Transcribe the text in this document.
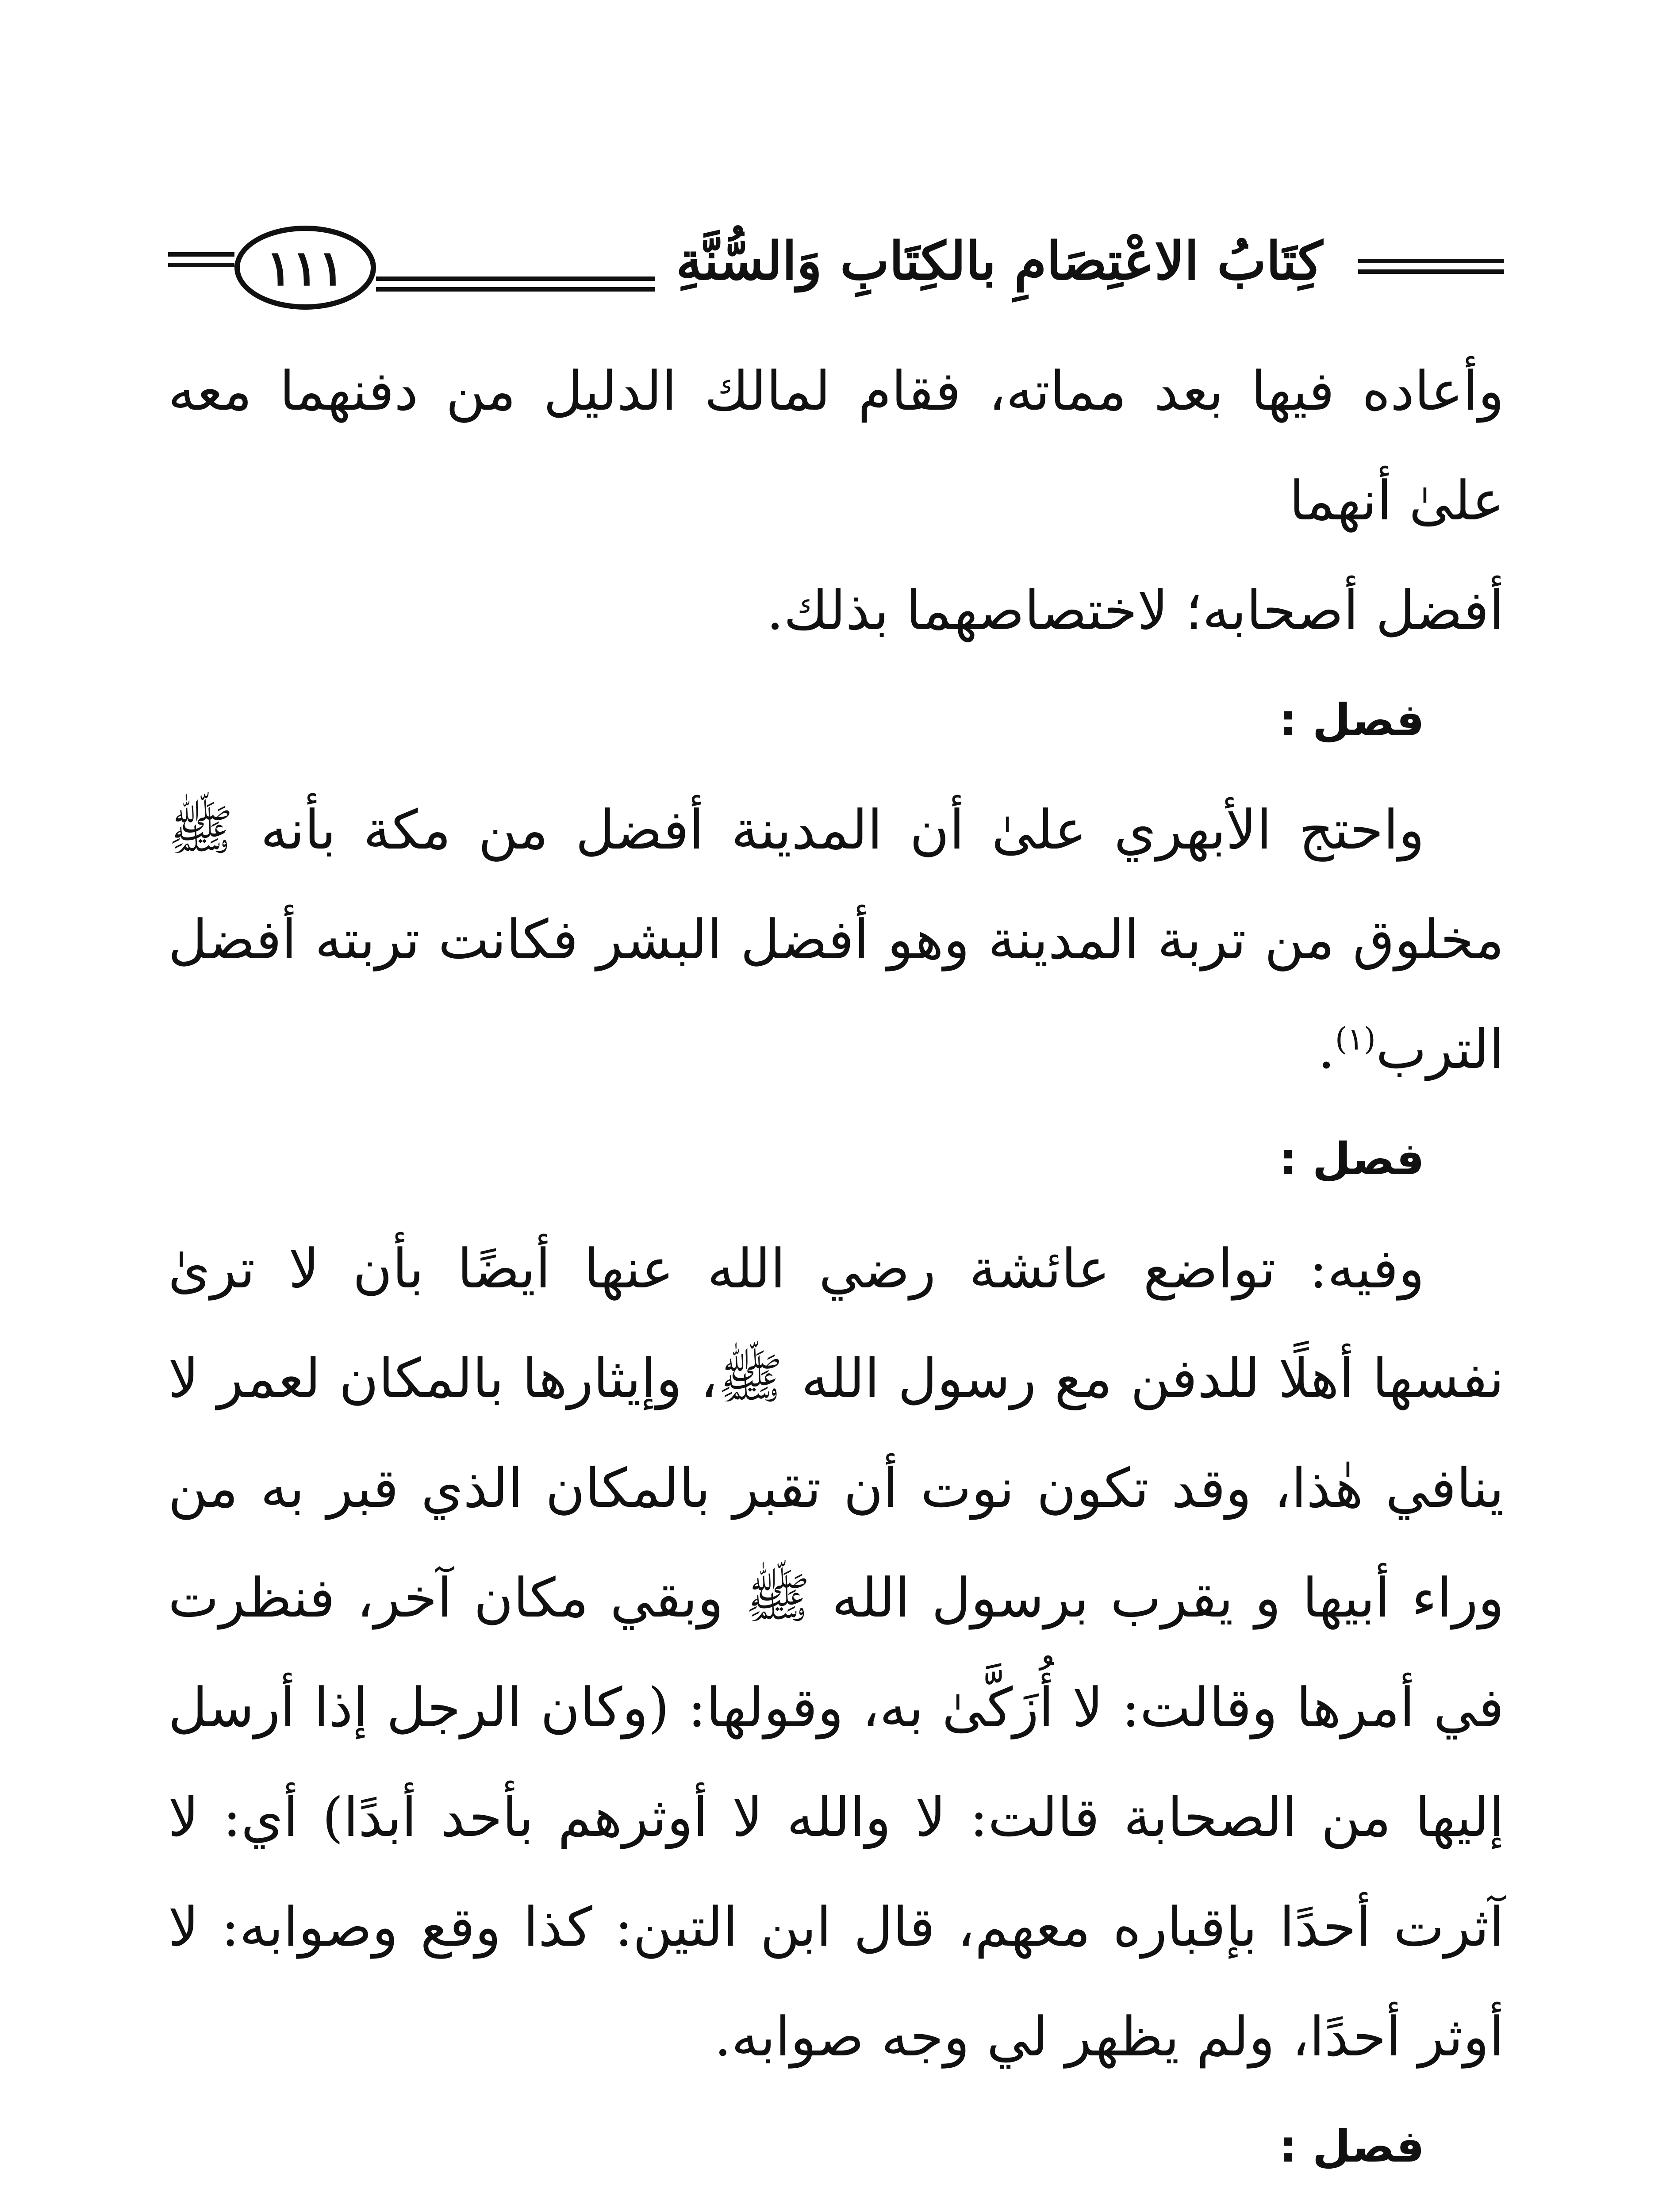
كِتَابُ الاعْتِصَامِ بالكِتَابِ وَالسُّنَّةِ
١١١

وأعاده فيها بعد مماته، فقام لمالك الدليل من دفنهما معه علىٰ أنهما

أفضل أصحابه؛ لاختصاصهما بذلك.

فصل :

واحتج الأبهري علىٰ أن المدينة أفضل من مكة بأنه ﷺ مخلوق من تربة المدينة وهو أفضل البشر فكانت تربته أفضل الترب$^{(١)}$.

فصل :

وفيه: تواضع عائشة رضي الله عنها أيضًا بأن لا ترىٰ نفسها أهلًا للدفن مع رسول الله ﷺ، وإيثارها بالمكان لعمر لا ينافي هٰذا، وقد تكون نوت أن تقبر بالمكان الذي قبر به من وراء أبيها و يقرب برسول الله ﷺ وبقي مكان آخر، فنظرت في أمرها وقالت: لا أُزَكَّىٰ به، وقولها: (وكان الرجل إذا أرسل إليها من الصحابة قالت: لا والله لا أوثرهم بأحد أبدًا) أي: لا آثرت أحدًا بإقباره معهم، قال ابن التين: كذا وقع وصوابه: لا أوثر أحدًا، ولم يظهر لي وجه صوابه.

فصل :
